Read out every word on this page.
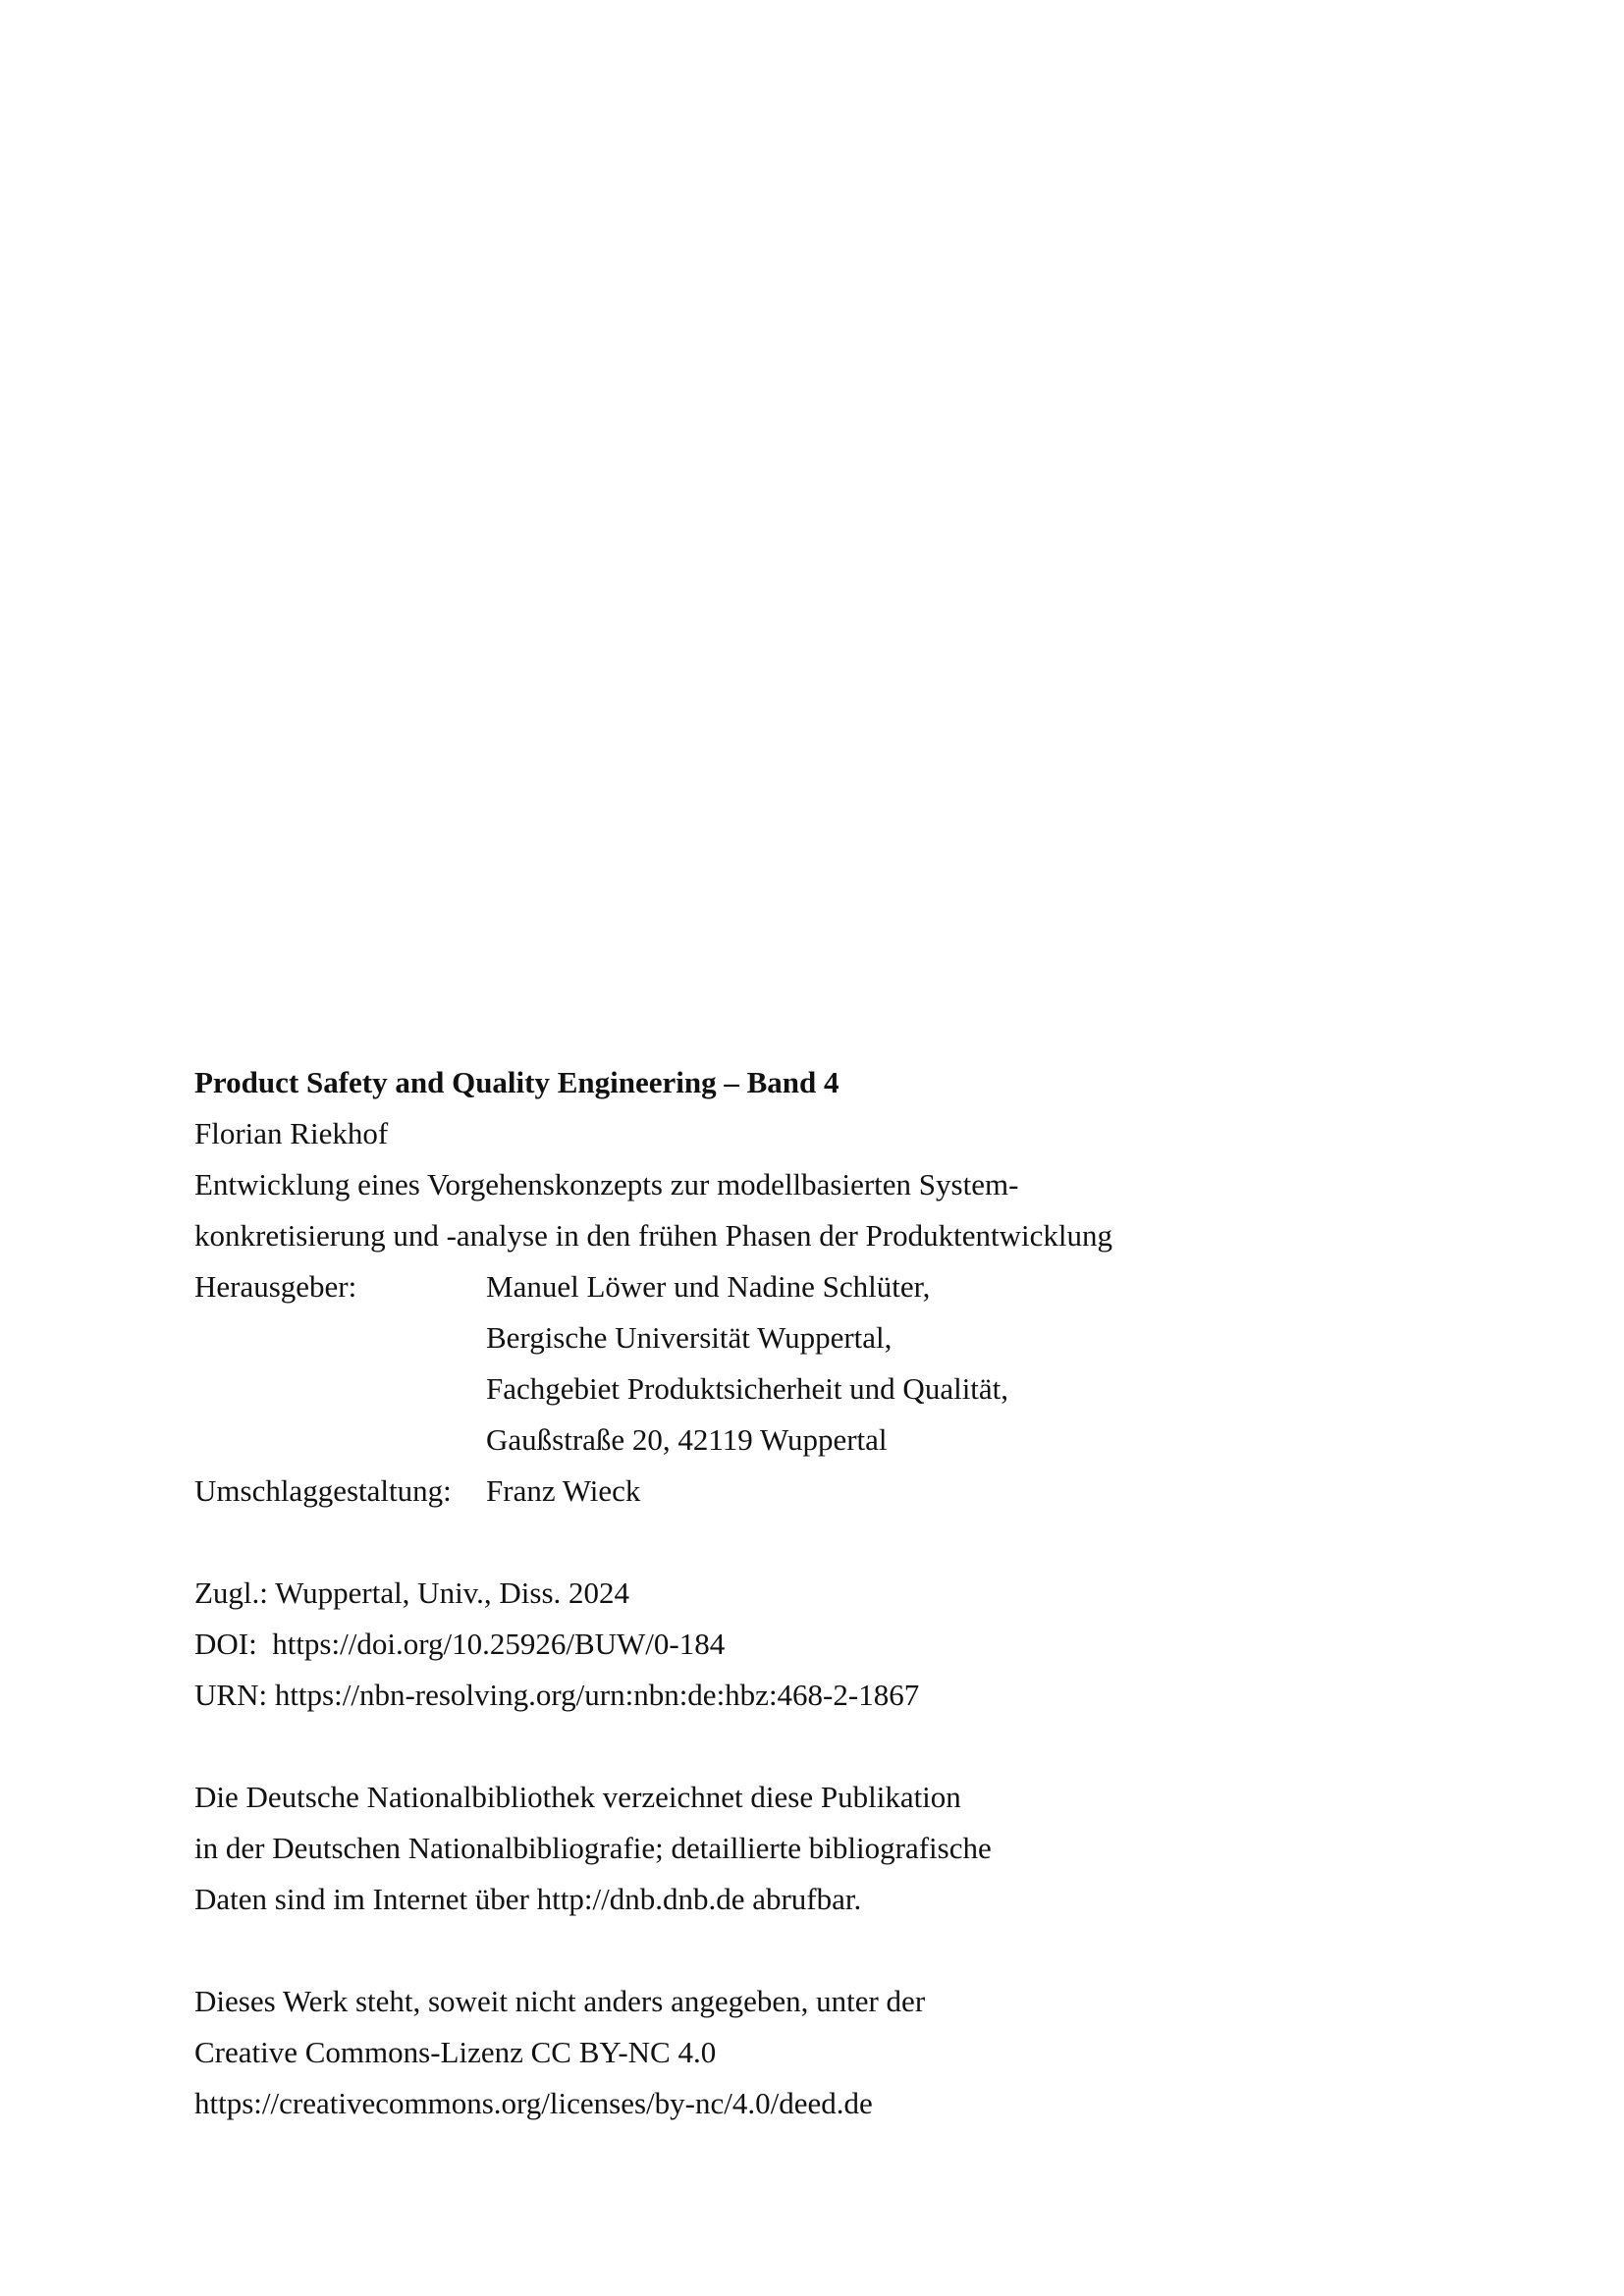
Product Safety and Quality Engineering – Band 4
Florian Riekhof
Entwicklung eines Vorgehenskonzepts zur modellbasierten System-
konkretisierung und -analyse in den frühen Phasen der Produktentwicklung
Herausgeber:	Manuel Löwer und Nadine Schlüter,
Bergische Universität Wuppertal,
Fachgebiet Produktsicherheit und Qualität,
Gaußstraße 20, 42119 Wuppertal
Umschlaggestaltung:	Franz Wieck
Zugl.: Wuppertal, Univ., Diss. 2024
DOI:  https://doi.org/10.25926/BUW/0-184
URN: https://nbn-resolving.org/urn:nbn:de:hbz:468-2-1867
Die Deutsche Nationalbibliothek verzeichnet diese Publikation
in der Deutschen Nationalbibliografie; detaillierte bibliografische
Daten sind im Internet über http://dnb.dnb.de abrufbar.
Dieses Werk steht, soweit nicht anders angegeben, unter der
Creative Commons-Lizenz CC BY-NC 4.0
https://creativecommons.org/licenses/by-nc/4.0/deed.de
